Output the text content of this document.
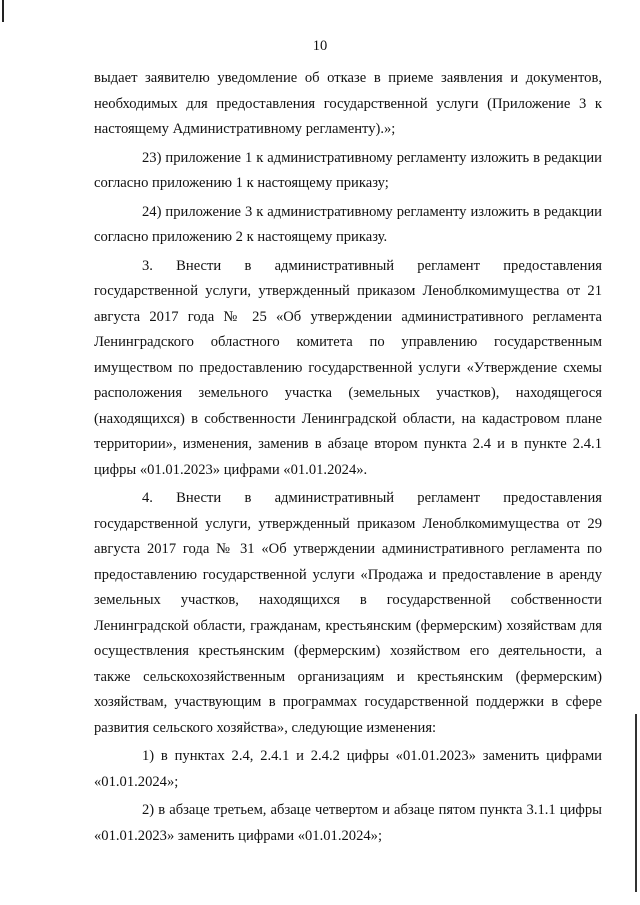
10

выдает заявителю уведомление об отказе в приеме заявления и документов, необходимых для предоставления государственной услуги (Приложение 3 к настоящему Административному регламенту).»;

23) приложение 1 к административному регламенту изложить в редакции согласно приложению 1 к настоящему приказу;

24) приложение 3 к административному регламенту изложить в редакции согласно приложению 2 к настоящему приказу.

3. Внести в административный регламент предоставления государственной услуги, утвержденный приказом Леноблкомимущества от 21 августа 2017 года № 25 «Об утверждении административного регламента Ленинградского областного комитета по управлению государственным имуществом по предоставлению государственной услуги «Утверждение схемы расположения земельного участка (земельных участков), находящегося (находящихся) в собственности Ленинградской области, на кадастровом плане территории», изменения, заменив в абзаце втором пункта 2.4 и в пункте 2.4.1 цифры «01.01.2023» цифрами «01.01.2024».

4. Внести в административный регламент предоставления государственной услуги, утвержденный приказом Леноблкомимущества от 29 августа 2017 года № 31 «Об утверждении административного регламента по предоставлению государственной услуги «Продажа и предоставление в аренду земельных участков, находящихся в государственной собственности Ленинградской области, гражданам, крестьянским (фермерским) хозяйствам для осуществления крестьянским (фермерским) хозяйством его деятельности, а также сельскохозяйственным организациям и крестьянским (фермерским) хозяйствам, участвующим в программах государственной поддержки в сфере развития сельского хозяйства», следующие изменения:

1) в пунктах 2.4, 2.4.1 и 2.4.2 цифры «01.01.2023» заменить цифрами «01.01.2024»;

2) в абзаце третьем, абзаце четвертом и абзаце пятом пункта 3.1.1 цифры «01.01.2023» заменить цифрами «01.01.2024»;
